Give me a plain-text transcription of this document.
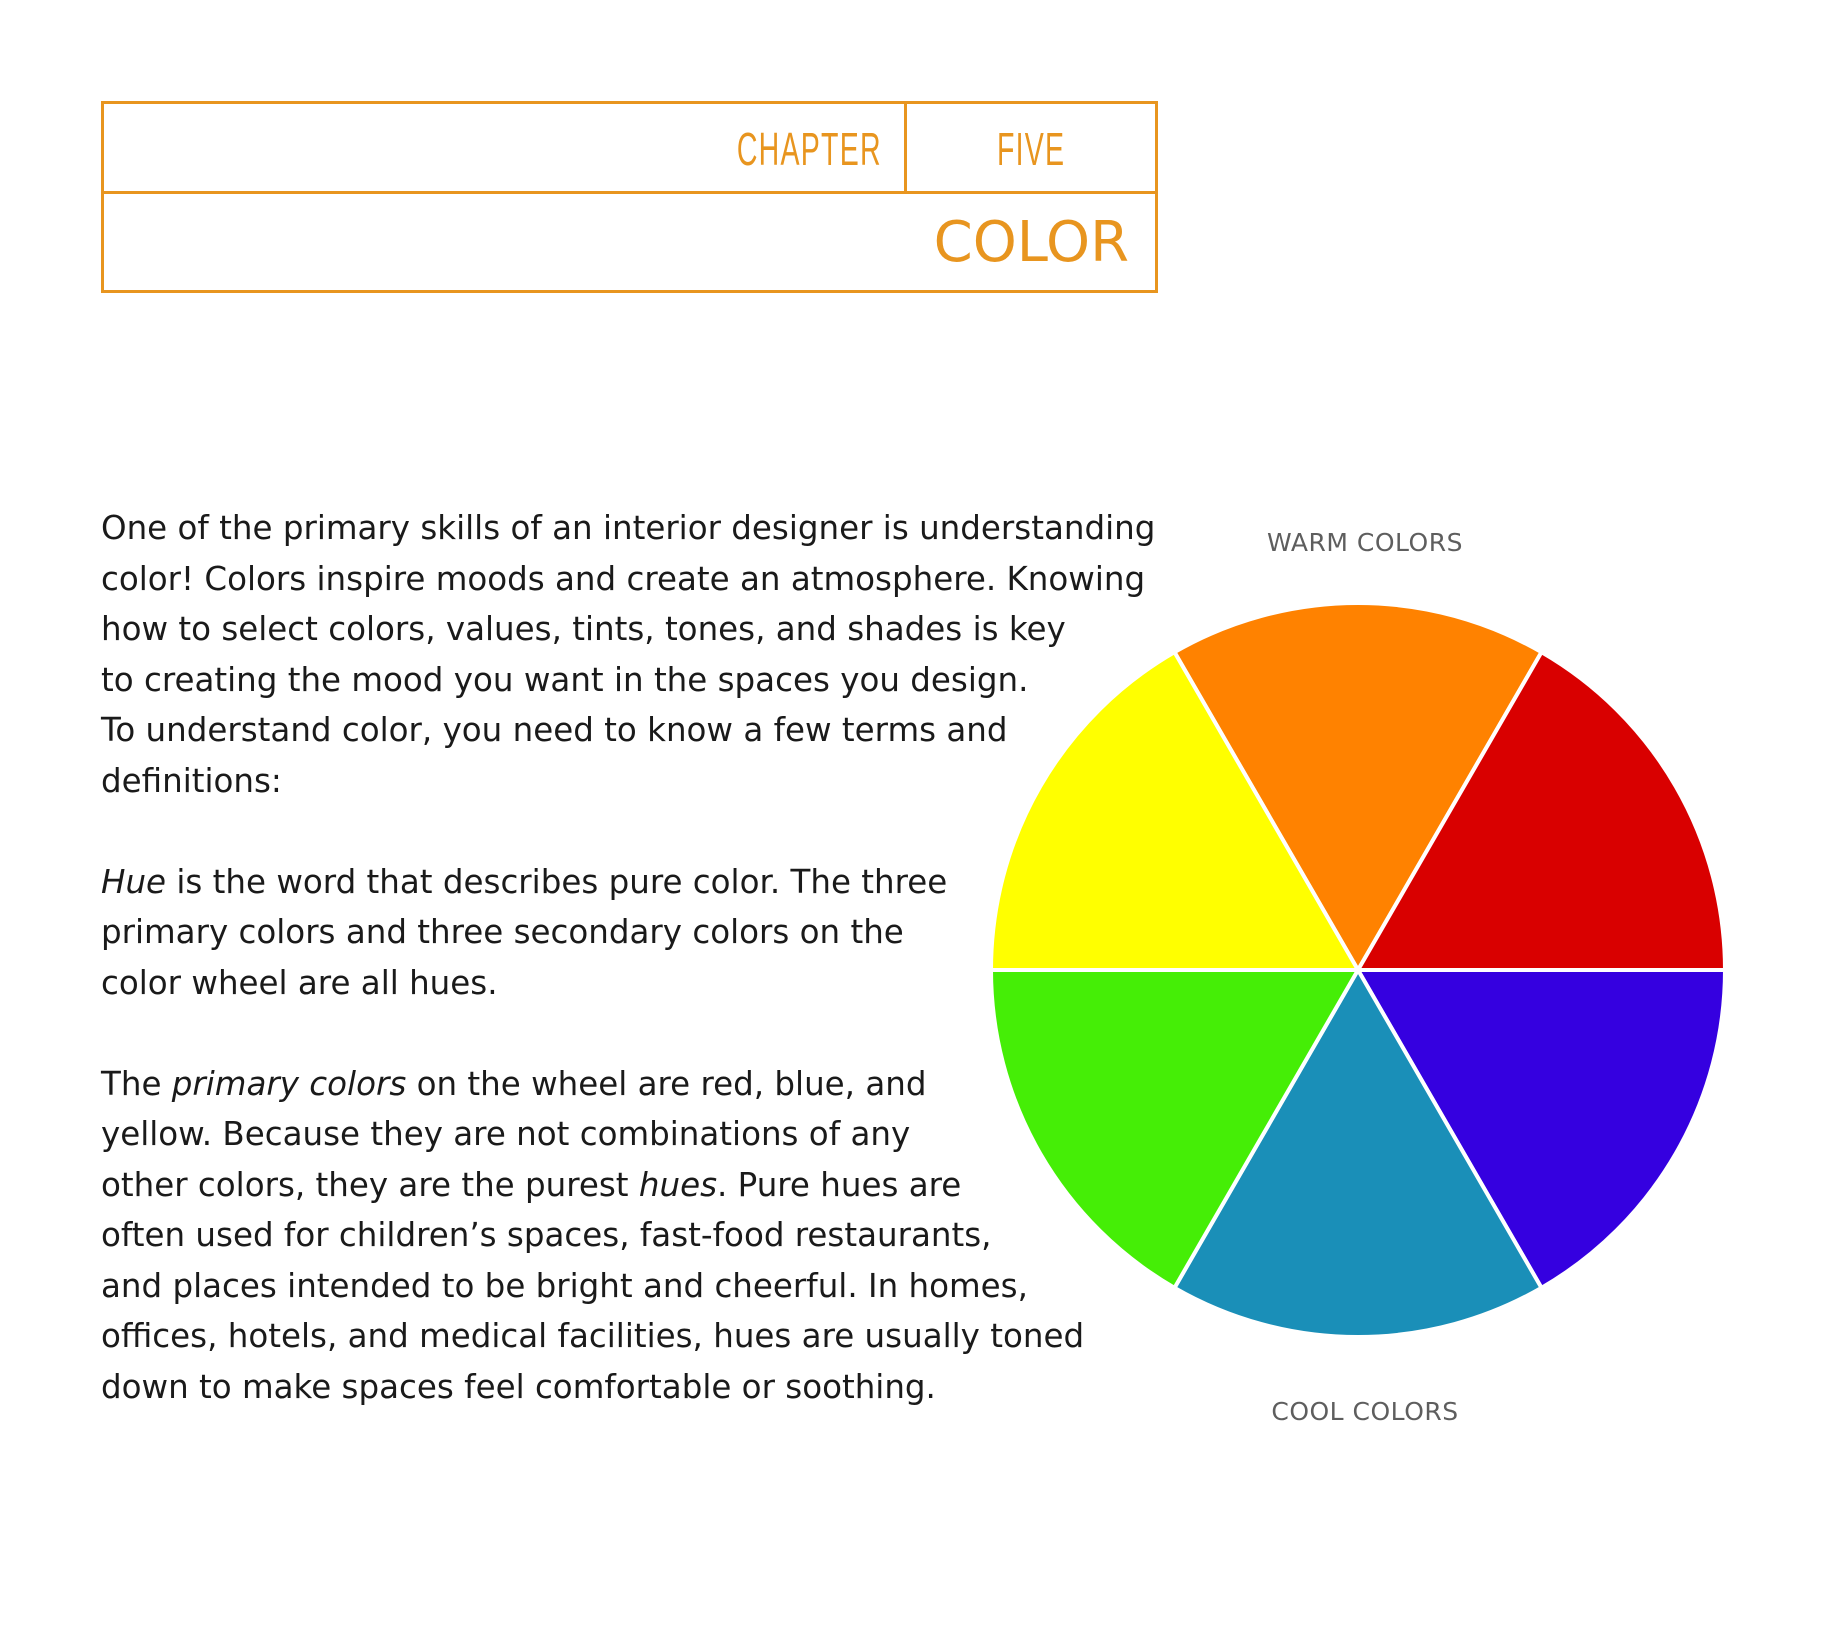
CHAPTER	FIVE
COLOR

One of the primary skills of an interior designer is understanding
color! Colors inspire moods and create an atmosphere. Knowing
how to select colors, values, tints, tones, and shades is key
to creating the mood you want in the spaces you design.
To understand color, you need to know a few terms and
definitions:

Hue is the word that describes pure color. The three
primary colors and three secondary colors on the
color wheel are all hues.

The primary colors on the wheel are red, blue, and
yellow. Because they are not combinations of any
other colors, they are the purest hues. Pure hues are
often used for children’s spaces, fast-food restaurants,
and places intended to be bright and cheerful. In homes,
offices, hotels, and medical facilities, hues are usually toned
down to make spaces feel comfortable or soothing.

WARM COLORS
COOL COLORS
